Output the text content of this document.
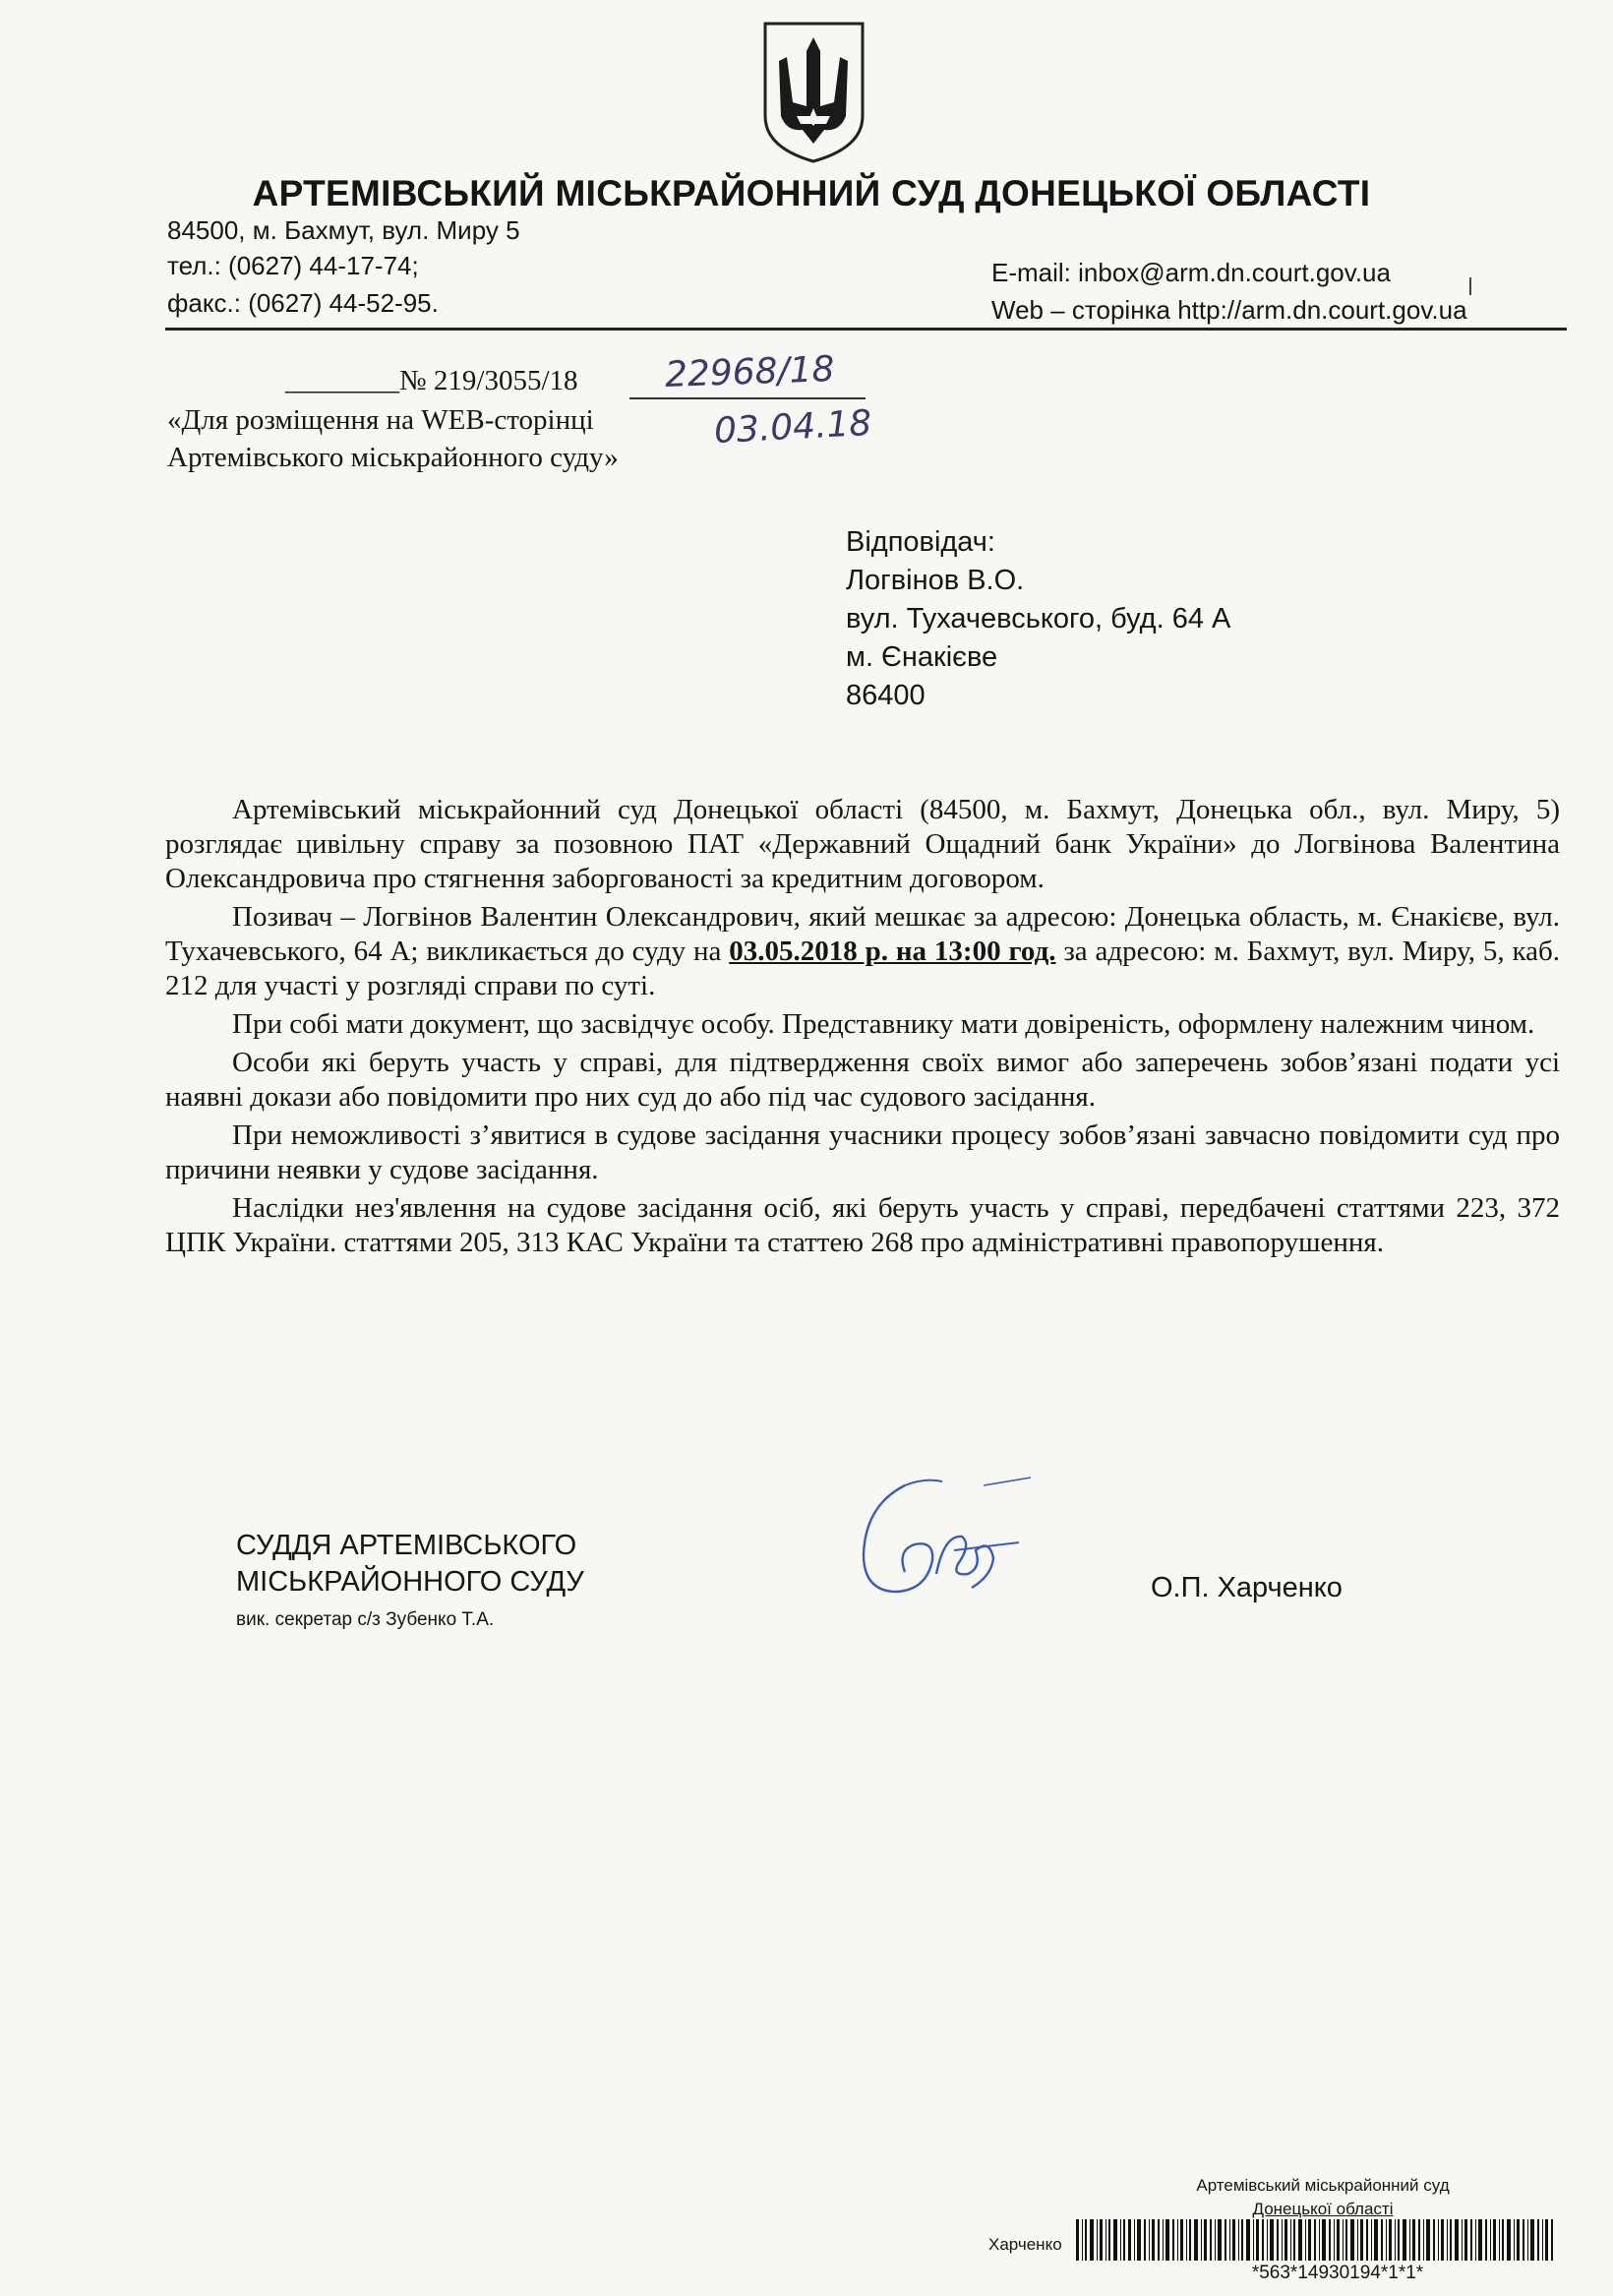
АРТЕМІВСЬКИЙ МІСЬКРАЙОННИЙ СУД ДОНЕЦЬКОЇ ОБЛАСТІ
84500, м. Бахмут, вул. Миру 5
тел.: (0627) 44-17-74;
факс.: (0627) 44-52-95.
E-mail: inbox@arm.dn.court.gov.ua
Web – сторінка http://arm.dn.court.gov.ua
________№ 219/3055/18 22968/18
03.04.18
«Для розміщення на WEB-сторінці
Артемівського міськрайонного суду»
Відповідач:
Логвінов В.О.
вул. Тухачевського, буд. 64 А
м. Єнакієве
86400

Артемівський міськрайонний суд Донецької області (84500, м. Бахмут, Донецька обл., вул. Миру, 5) розглядає цивільну справу за позовною ПАТ «Державний Ощадний банк України» до Логвінова Валентина Олександровича про стягнення заборгованості за кредитним договором.

Позивач – Логвінов Валентин Олександрович, який мешкає за адресою: Донецька область, м. Єнакієве, вул. Тухачевського, 64 А; викликається до суду на 03.05.2018 р. на 13:00 год. за адресою: м. Бахмут, вул. Миру, 5, каб. 212 для участі у розгляді справи по суті.

При собі мати документ, що засвідчує особу. Представнику мати довіреність, оформлену належним чином.

Особи які беруть участь у справі, для підтвердження своїх вимог або заперечень зобов’язані подати усі наявні докази або повідомити про них суд до або під час судового засідання.

При неможливості з’явитися в судове засідання учасники процесу зобов’язані завчасно повідомити суд про причини неявки у судове засідання.

Наслідки нез'явлення на судове засідання осіб, які беруть участь у справі, передбачені статтями 223, 372 ЦПК України. статтями 205, 313 КАС України та статтею 268 про адміністративні правопорушення.

СУДДЯ АРТЕМІВСЬКОГО
МІСЬКРАЙОННОГО СУДУ
вик. секретар с/з Зубенко Т.А.
О.П. Харченко
Артемівський міськрайонний суд
Донецької області
Харченко
*563*14930194*1*1*
